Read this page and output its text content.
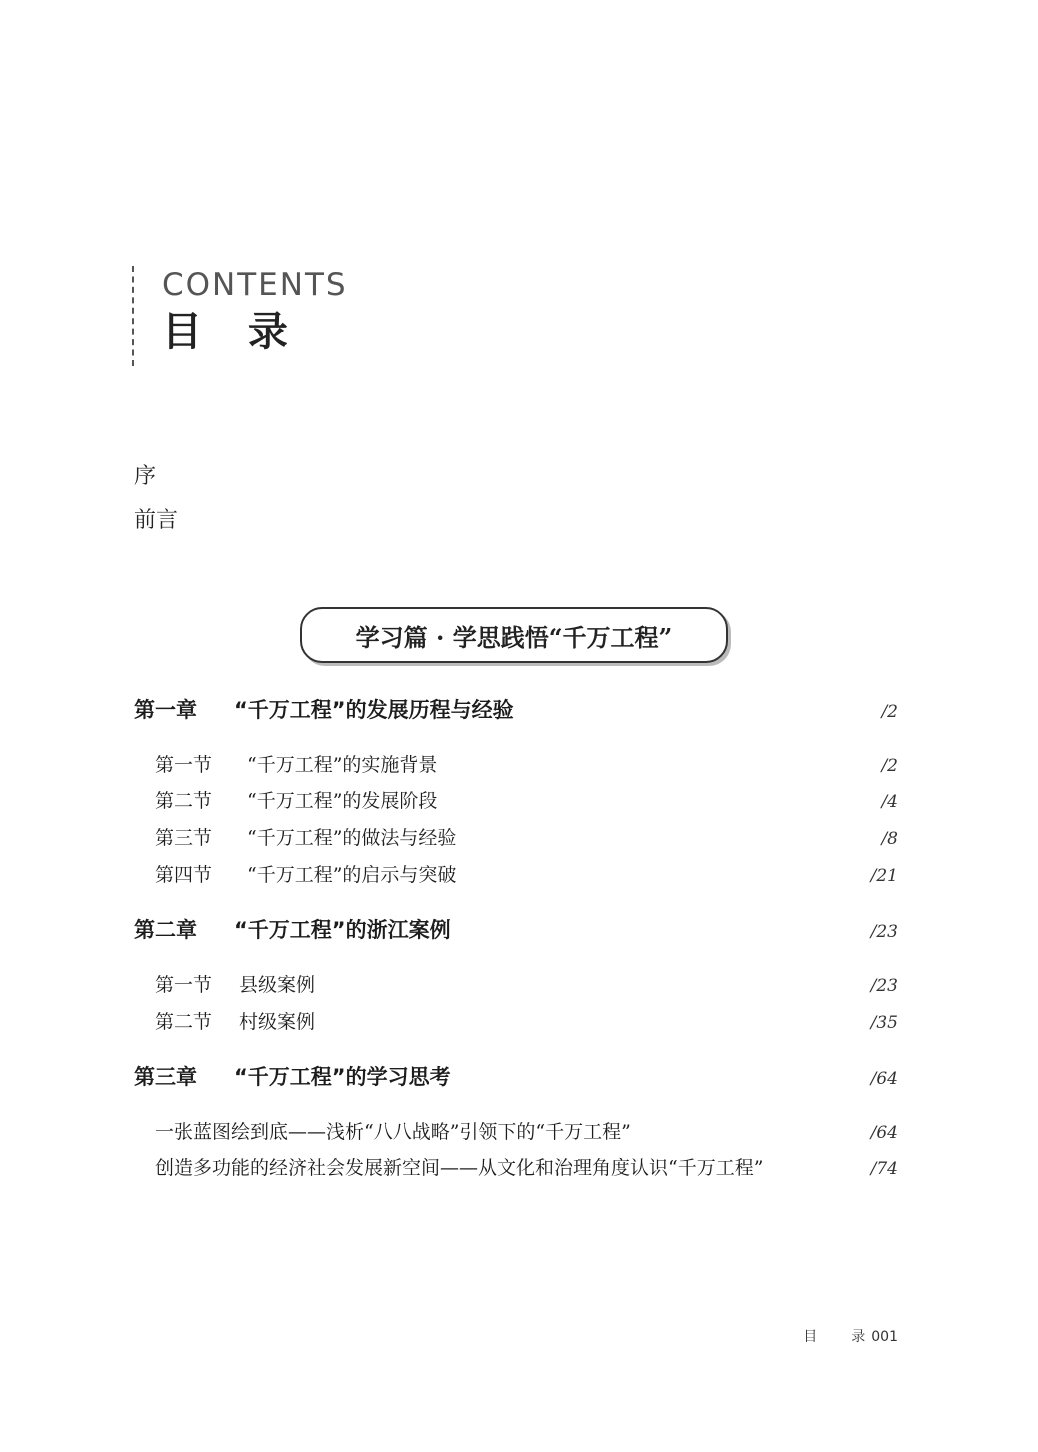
CONTENTS
目 录
序
前言
学习篇 · 学思践悟“千万工程”
第一章 “千万工程”的发展历程与经验	/2
第一节 “千万工程”的实施背景	/2
第二节 “千万工程”的发展阶段	/4
第三节 “千万工程”的做法与经验	/8
第四节 “千万工程”的启示与突破	/21
第二章 “千万工程”的浙江案例	/23
第一节 县级案例	/23
第二节 村级案例	/35
第三章 “千万工程”的学习思考	/64
一张蓝图绘到底——浅析“八八战略”引领下的“千万工程”	/64
创造多功能的经济社会发展新空间——从文化和治理角度认识“千万工程”	/74
目 录 001
